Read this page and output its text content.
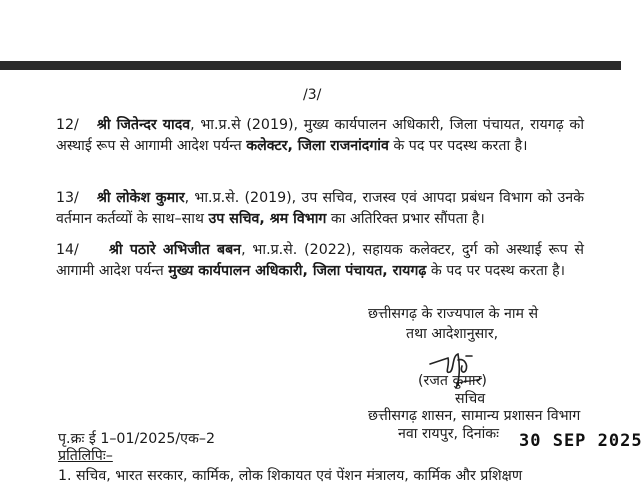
/3/
12/ श्री जितेन्दर यादव, भा.प्र.से (2019), मुख्य कार्यपालन अधिकारी, जिला पंचायत, रायगढ़ को अस्थाई रूप से आगामी आदेश पर्यन्त कलेक्टर, जिला राजनांदगांव के पद पर पदस्थ करता है।
13/ श्री लोकेश कुमार, भा.प्र.से. (2019), उप सचिव, राजस्व एवं आपदा प्रबंधन विभाग को उनके वर्तमान कर्तव्यों के साथ–साथ उप सचिव, श्रम विभाग का अतिरिक्त प्रभार सौंपता है।
14/ श्री पठारे अभिजीत बबन, भा.प्र.से. (2022), सहायक कलेक्टर, दुर्ग को अस्थाई रूप से आगामी आदेश पर्यन्त मुख्य कार्यपालन अधिकारी, जिला पंचायत, रायगढ़ के पद पर पदस्थ करता है।
छत्तीसगढ़ के राज्यपाल के नाम से
तथा आदेशानुसार,
(रजत कुमार)
सचिव
छत्तीसगढ़ शासन, सामान्य प्रशासन विभाग
नवा रायपुर, दिनांकः
पृ.क्रः ई 1–01/2025/एक–2	30 SEP 2025
प्रतिलिपिः–
1. सचिव, भारत सरकार, कार्मिक, लोक शिकायत एवं पेंशन मंत्रालय, कार्मिक और प्रशिक्षण
